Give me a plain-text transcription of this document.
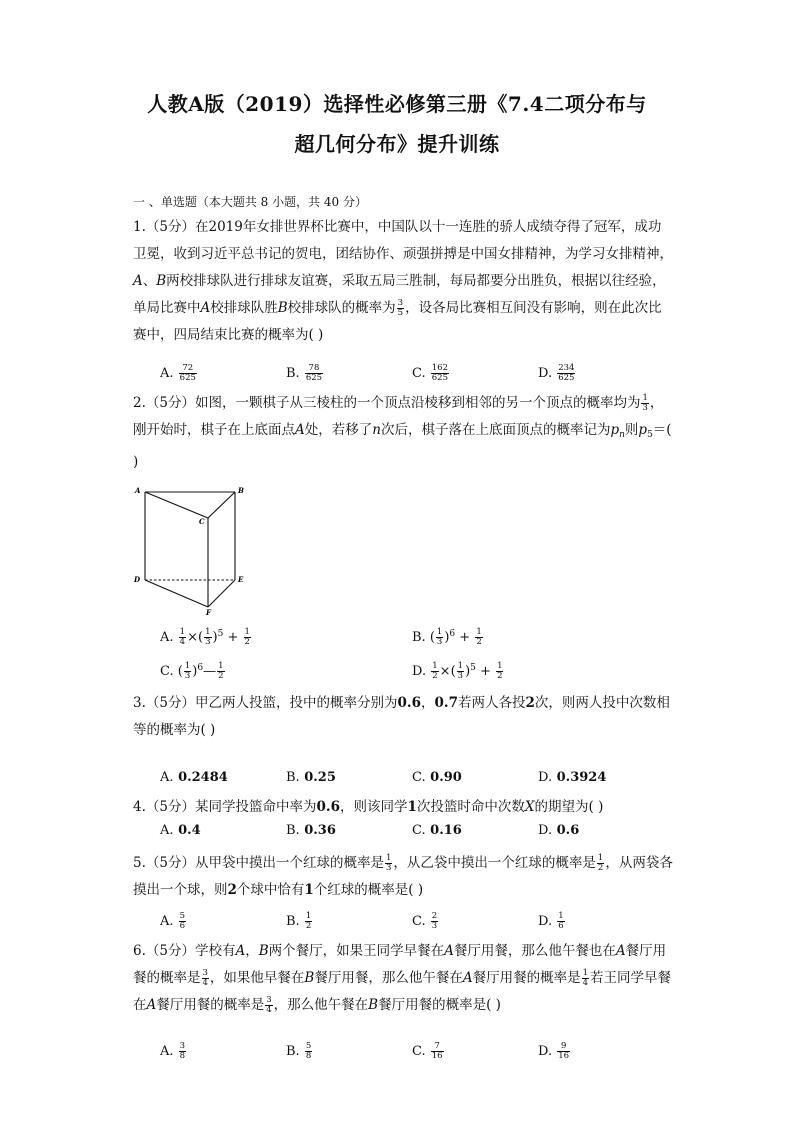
人教A版（2019）选择性必修第三册《7.4二项分布与
超几何分布》提升训练
一 、单选题（本大题共 8 小题，共 40 分）
1.（5分）在2019年女排世界杯比赛中，中国队以十一连胜的骄人成绩夺得了冠军，成功卫冕，收到习近平总书记的贺电，团结协作、顽强拼搏是中国女排精神，为学习女排精神，A、B两校排球队进行排球友谊赛，采取五局三胜制，每局都要分出胜负，根据以往经验，单局比赛中A校排球队胜B校排球队的概率为 $\frac{3}{5}$ ，设各局比赛相互间没有影响，则在此次比赛中，四局结束比赛的概率为( )
A. $\frac{72}{625}$	B. $\frac{78}{625}$	C. $\frac{162}{625}$	D. $\frac{234}{625}$
2.（5分）如图，一颗棋子从三棱柱的一个顶点沿棱移到相邻的另一个顶点的概率均为 $\frac{1}{3}$ ，刚开始时，棋子在上底面点A处，若移了n次后，棋子落在上底面顶点的概率记为$p_n$则$p_5=$( )
A	B
C
D	E
F
A. $\frac{1}{4}$ ×( $\frac{1}{3} )^5 + \frac{1}{2}$	B. ( $\frac{1}{3} )^6 + \frac{1}{2}$
C. ( $\frac{1}{3}$ )$^6$— $\frac{1}{2}$	D. $\frac{1}{2}$ ×( $\frac{1}{3} )^5 + \frac{1}{2}$
3.（5分）甲乙两人投篮，投中的概率分别为0.6，0.7若两人各投2次，则两人投中次数相等的概率为( )
A. 0.2484	B. 0.25	C. 0.90	D. 0.3924
4.（5分）某同学投篮命中率为0.6，则该同学1次投篮时命中次数X的期望为( )
A. 0.4	B. 0.36	C. 0.16	D. 0.6
5.（5分）从甲袋中摸出一个红球的概率是 $\frac{1}{3}$ ，从乙袋中摸出一个红球的概率是 $\frac{1}{2}$ ，从两袋各摸出一个球，则2个球中恰有1个红球的概率是( )
A. $\frac{5}{6}$	B. $\frac{1}{2}$	C. $\frac{2}{3}$	D. $\frac{1}{6}$
6.（5分）学校有A，B两个餐厅，如果王同学早餐在A餐厅用餐，那么他午餐也在A餐厅用餐的概率是 $\frac{3}{4}$ ，如果他早餐在B餐厅用餐，那么他午餐在A餐厅用餐的概率是 $\frac{1}{4}$ 若王同学早餐在A餐厅用餐的概率是 $\frac{3}{4}$ ，那么他午餐在B餐厅用餐的概率是( )
A. $\frac{3}{8}$	B. $\frac{5}{8}$	C. $\frac{7}{16}$	D. $\frac{9}{16}$
